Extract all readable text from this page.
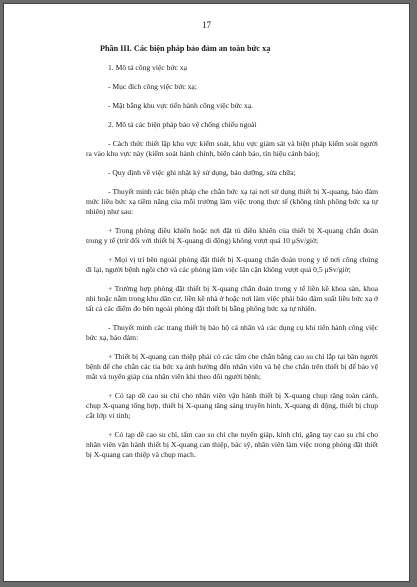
17
Phần III. Các biện pháp bảo đảm an toàn bức xạ

1. Mô tả công việc bức xạ

- Mục đích công việc bức xạ;

- Mặt bằng khu vực tiến hành công việc bức xạ.

2. Mô tả các biện pháp bảo vệ chống chiếu ngoài

- Cách thức thiết lập khu vực kiểm soát, khu vực giám sát và biện pháp kiểm soát người ra vào khu vực này (kiểm soát hành chính, biển cảnh báo, tín hiệu cảnh báo);

- Quy định về việc ghi nhật ký sử dụng, bảo dưỡng, sửa chữa;

- Thuyết minh các biện pháp che chắn bức xạ tại nơi sử dụng thiết bị X-quang, bảo đảm mức liều bức xạ tiềm năng của mỗi trường làm việc trong thực tế (không tính phông bức xạ tự nhiên) như sau:

+ Trong phòng điều khiển hoặc nơi đặt tủ điều khiển của thiết bị X-quang chẩn đoán trong y tế (trừ đối với thiết bị X-quang di động) không vượt quá 10 μSv/giờ;

+ Mọi vị trí bên ngoài phòng đặt thiết bị X-quang chẩn đoán trong y tế nơi công chúng đi lại, người bệnh ngồi chờ và các phòng làm việc lân cận không vượt quá 0,5 μSv/giờ;

+ Trường hợp phòng đặt thiết bị X-quang chẩn đoán trong y tế liền kề khoa sản, khoa nhi hoặc nằm trong khu dân cư, liền kề nhà ở hoặc nơi làm việc phải bảo đảm suất liều bức xạ ở tất cả các điểm đo bên ngoài phòng đặt thiết bị bằng phông bức xạ tự nhiên.

- Thuyết minh các trang thiết bị bảo hộ cá nhân và các dụng cụ khi tiến hành công việc bức xạ, bảo đảm:

+ Thiết bị X-quang can thiệp phải có các tấm che chắn bằng cao su chì lắp tại bàn người bệnh để che chắn các tia bức xạ ảnh hưởng đến nhân viên và hệ che chắn trên thiết bị để bảo vệ mắt và tuyến giáp của nhân viên khi theo dõi người bệnh;

+ Có tạp dề cao su chì cho nhân viên vận hành thiết bị X-quang chụp răng toàn cảnh, chụp X-quang tổng hợp, thiết bị X-quang tăng sáng truyền hình, X-quang di động, thiết bị chụp cắt lớp vi tính;

+ Có tạp dề cao su chì, tấm cao su chì che tuyến giáp, kính chì, găng tay cao su chì cho nhân viên vận hành thiết bị X-quang can thiệp, bác sỹ, nhân viên làm việc trong phòng đặt thiết bị X-quang can thiệp và chụp mạch.
